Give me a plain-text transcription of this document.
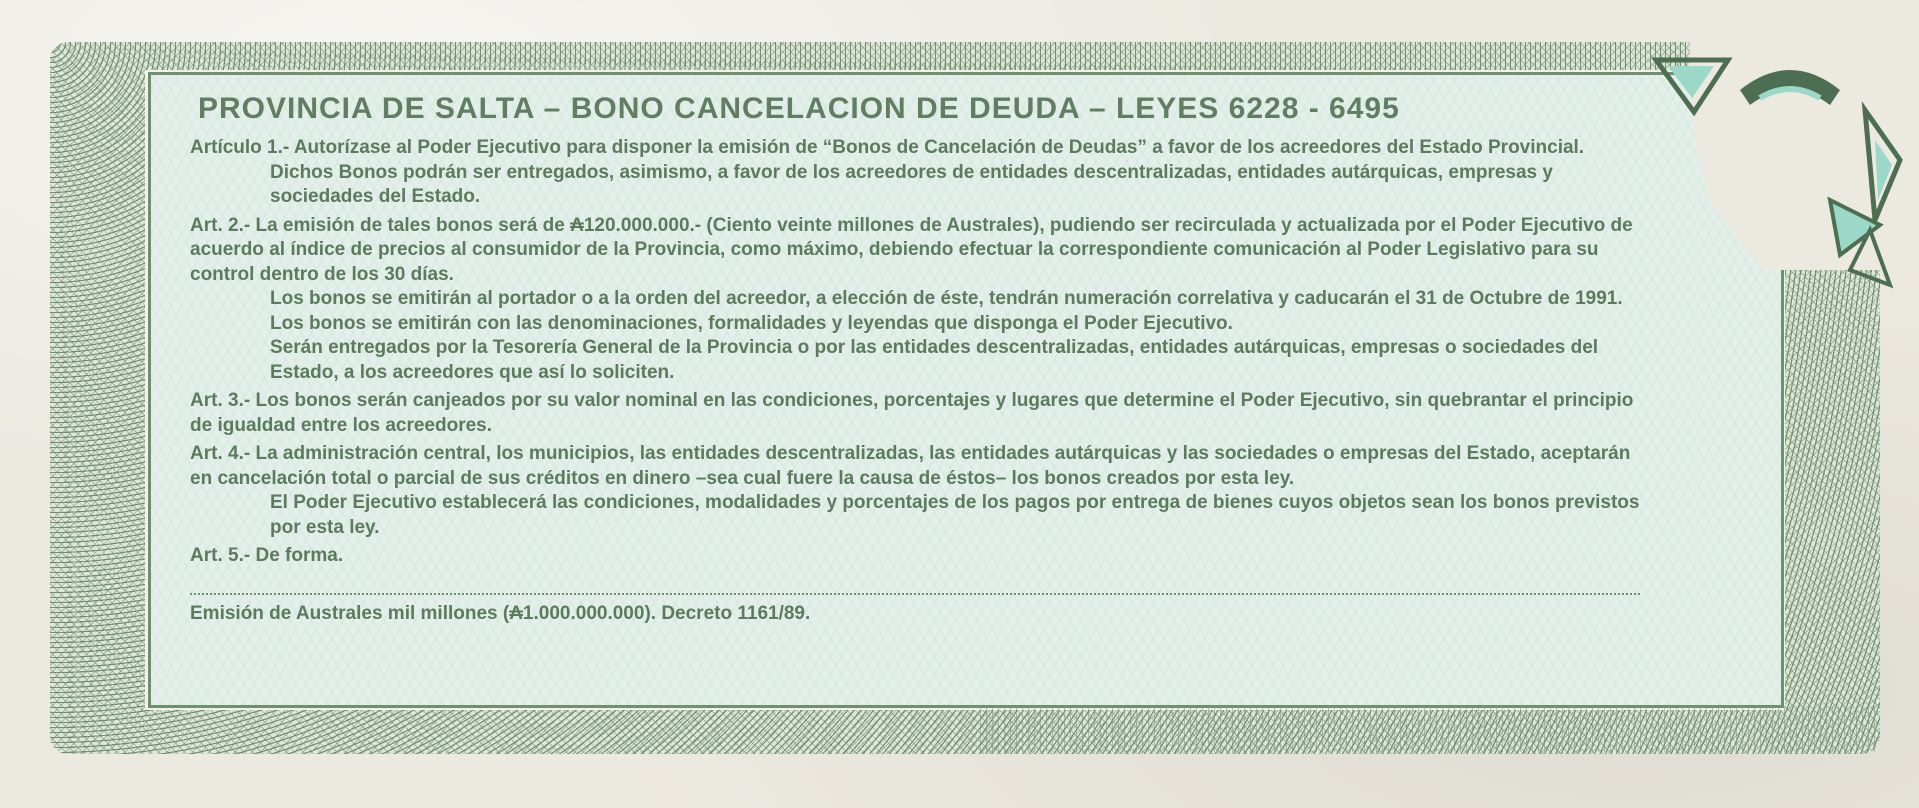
PROVINCIA DE SALTA – BONO CANCELACION DE DEUDA – LEYES 6228 - 6495
Artículo 1.- Autorízase al Poder Ejecutivo para disponer la emisión de “Bonos de Cancelación de Deudas” a favor de los acreedores del Estado Provincial.
Dichos Bonos podrán ser entregados, asimismo, a favor de los acreedores de entidades descentralizadas, entidades autárquicas, empresas y sociedades del Estado.
Art. 2.- La emisión de tales bonos será de ₳120.000.000.- (Ciento veinte millones de Australes), pudiendo ser recirculada y actualizada por el Poder Ejecutivo de acuerdo al índice de precios al consumidor de la Provincia, como máximo, debiendo efectuar la correspondiente comunicación al Poder Legislativo para su control dentro de los 30 días.
Los bonos se emitirán al portador o a la orden del acreedor, a elección de éste, tendrán numeración correlativa y caducarán el 31 de Octubre de 1991.
Los bonos se emitirán con las denominaciones, formalidades y leyendas que disponga el Poder Ejecutivo.
Serán entregados por la Tesorería General de la Provincia o por las entidades descentralizadas, entidades autárquicas, empresas o sociedades del Estado, a los acreedores que así lo soliciten.
Art. 3.- Los bonos serán canjeados por su valor nominal en las condiciones, porcentajes y lugares que determine el Poder Ejecutivo, sin quebrantar el principio de igualdad entre los acreedores.
Art. 4.- La administración central, los municipios, las entidades descentralizadas, las entidades autárquicas y las sociedades o empresas del Estado, aceptarán en cancelación total o parcial de sus créditos en dinero –sea cual fuere la causa de éstos– los bonos creados por esta ley.
El Poder Ejecutivo establecerá las condiciones, modalidades y porcentajes de los pagos por entrega de bienes cuyos objetos sean los bonos previstos por esta ley.
Art. 5.- De forma.
Emisión de Australes mil millones (₳1.000.000.000). Decreto 1161/89.
